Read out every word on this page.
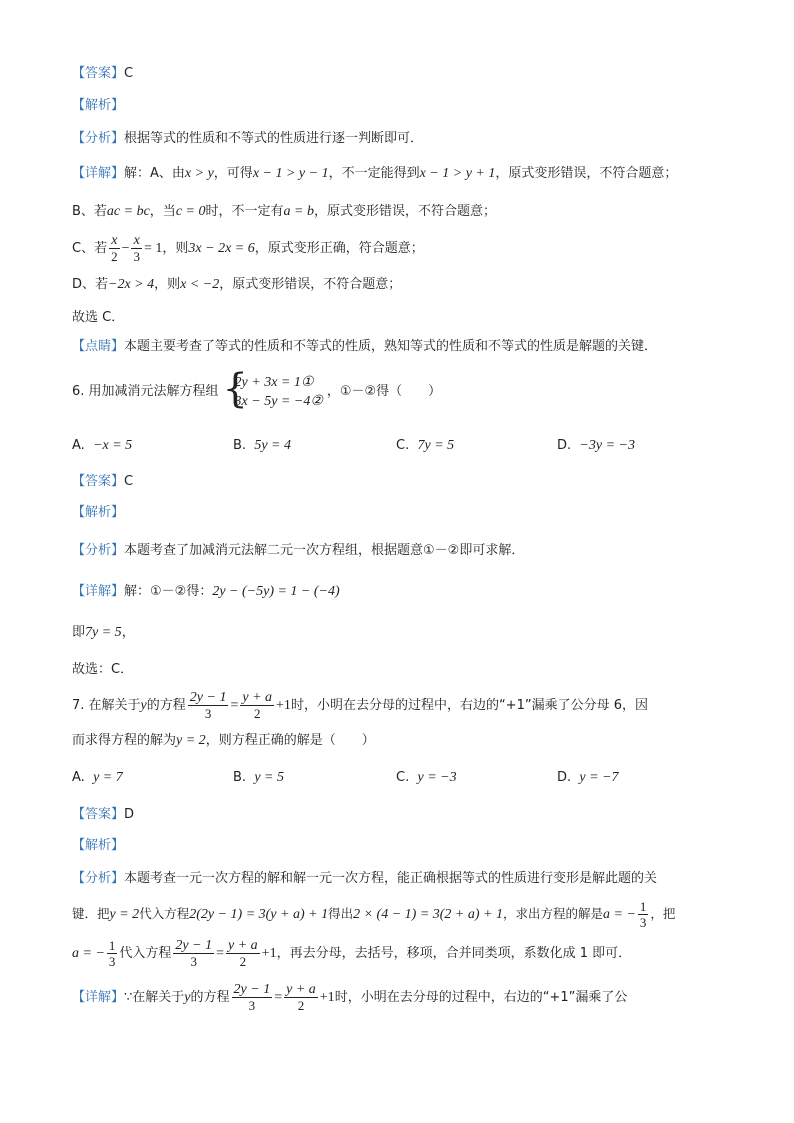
【答案】C
【解析】
【分析】根据等式的性质和不等式的性质进行逐一判断即可．
【详解】解：A、由x > y，可得x − 1 > y − 1，不一定能得到x − 1 > y + 1，原式变形错误，不符合题意；
B、若ac = bc，当c = 0时，不一定有a = b，原式变形错误，不符合题意；
C、若 $\frac{x}{2} - \frac{x}{3} = 1$，则3x − 2x = 6，原式变形正确，符合题意；
D、若−2x > 4，则x < −2，原式变形错误，不符合题意；
故选 C．
【点睛】本题主要考查了等式的性质和不等式的性质，熟知等式的性质和不等式的性质是解题的关键．
6. 用加减消元法解方程组 {
2y + 3x = 1①
3x − 5y = −4②
，①－②得（　　）
A. −x = 5	B. 5y = 4	C. 7y = 5	D. −3y = −3
【答案】C
【解析】
【分析】本题考查了加减消元法解二元一次方程组，根据题意①－②即可求解．
【详解】解：①－②得：2y − (−5y) = 1 − (−4)
即7y = 5，
故选：C．
7. 在解关于y的方程 $\frac{2y - 1}{3} = \frac{y + a}{2} +1$时，小明在去分母的过程中，右边的“+1”漏乘了公分母 6，因
而求得方程的解为y = 2，则方程正确的解是（　　）
A. y = 7	B. y = 5	C. y = −3	D. y = −7
【答案】D
【解析】
【分析】本题考查一元一次方程的解和解一元一次方程，能正确根据等式的性质进行变形是解此题的关
键．把y = 2代入方程2(2y − 1) = 3(y + a) + 1得出2 × (4 − 1) = 3(2 + a) + 1，求出方程的解是a = − $\frac{1}{3}$ ，把
a = − $\frac{1}{3}$ 代入方程 $\frac{2y - 1}{3} = \frac{y + a}{2} +1$，再去分母，去括号，移项，合并同类项，系数化成 1 即可．
【详解】∵在解关于y的方程 $\frac{2y - 1}{3} = \frac{y + a}{2} +1$时，小明在去分母的过程中，右边的“+1”漏乘了公
